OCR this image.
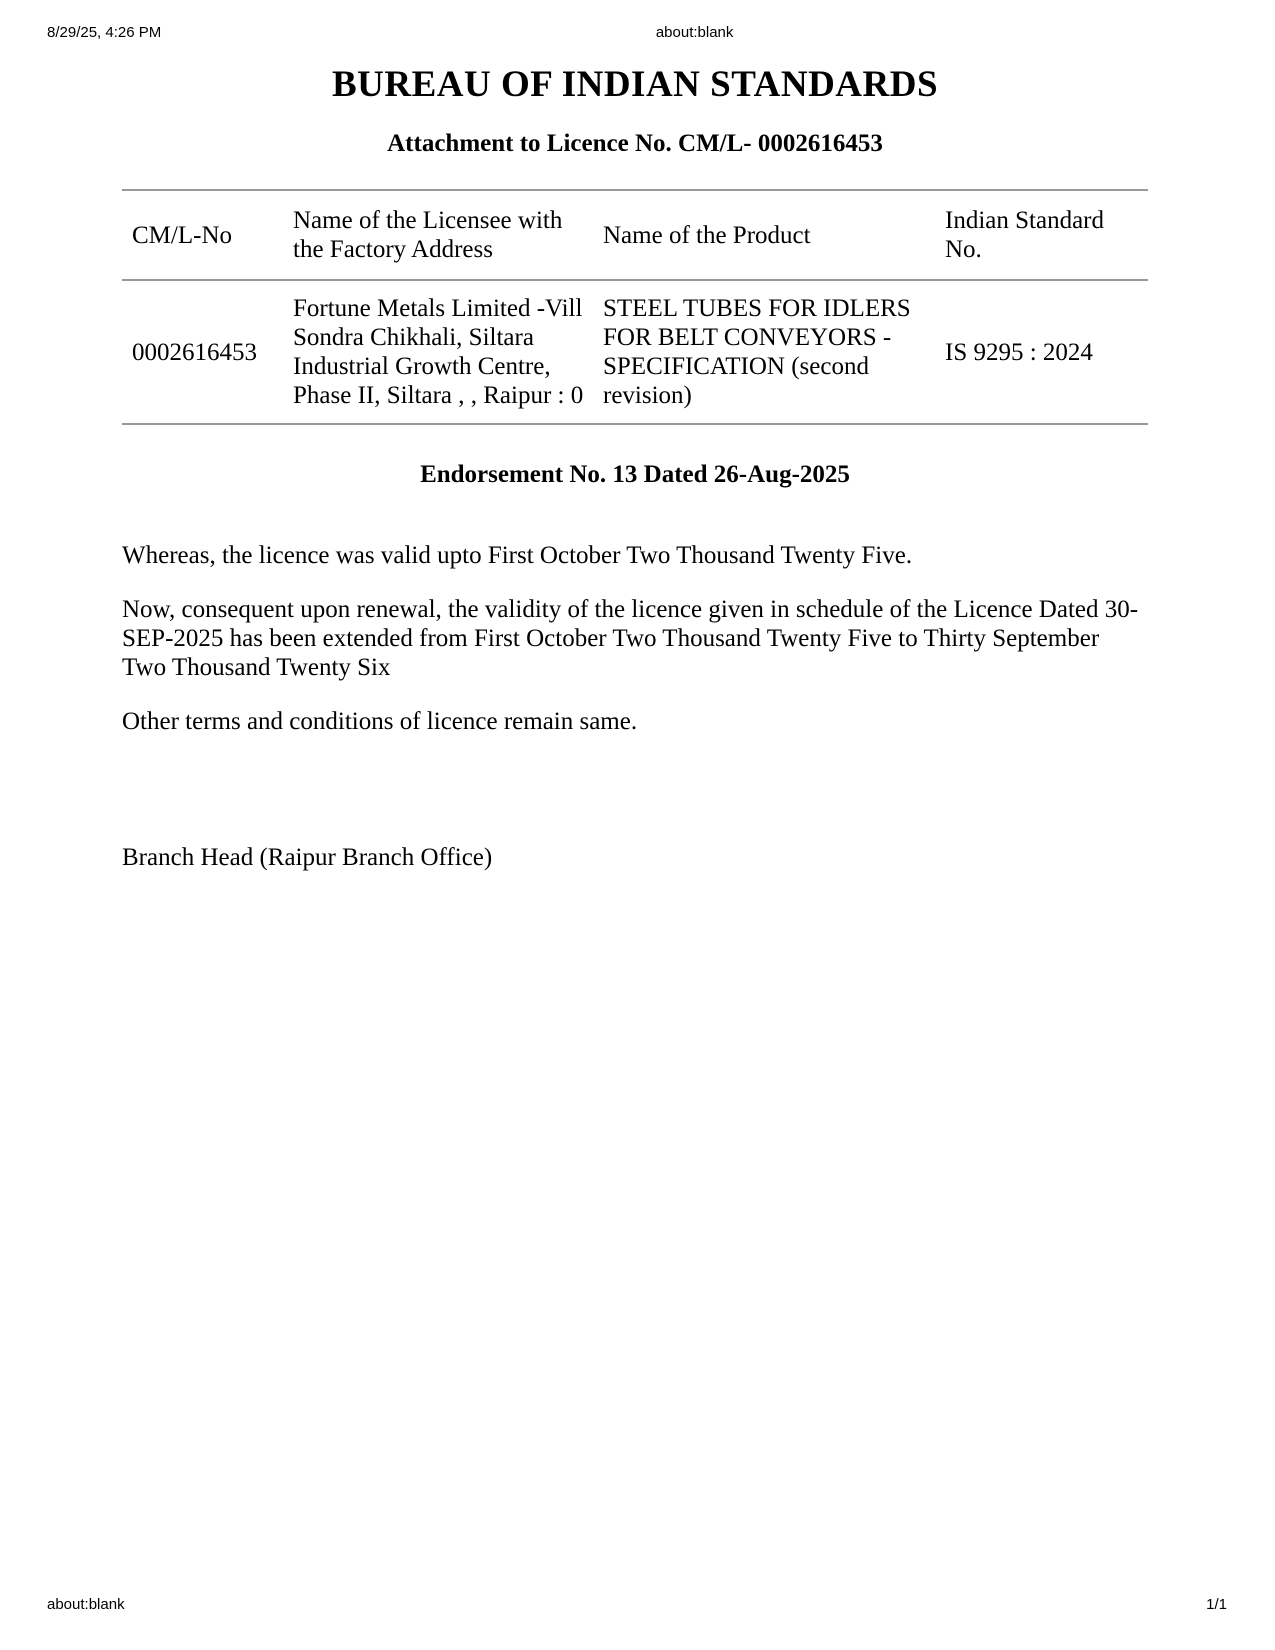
8/29/25, 4:26 PM	about:blank
BUREAU OF INDIAN STANDARDS
Attachment to Licence No. CM/L- 0002616453
CM/L-No	Name of the Licensee with the Factory Address	Name of the Product	Indian Standard No.
0002616453	Fortune Metals Limited -Vill Sondra Chikhali, Siltara Industrial Growth Centre, Phase II, Siltara , , Raipur : 0	STEEL TUBES FOR IDLERS FOR BELT CONVEYORS - SPECIFICATION (second revision)	IS 9295 : 2024
Endorsement No. 13 Dated 26-Aug-2025

Whereas, the licence was valid upto First October Two Thousand Twenty Five.

Now, consequent upon renewal, the validity of the licence given in schedule of the Licence Dated 30-SEP-2025 has been extended from First October Two Thousand Twenty Five to Thirty September Two Thousand Twenty Six

Other terms and conditions of licence remain same.

Branch Head (Raipur Branch Office)
about:blank	1/1
